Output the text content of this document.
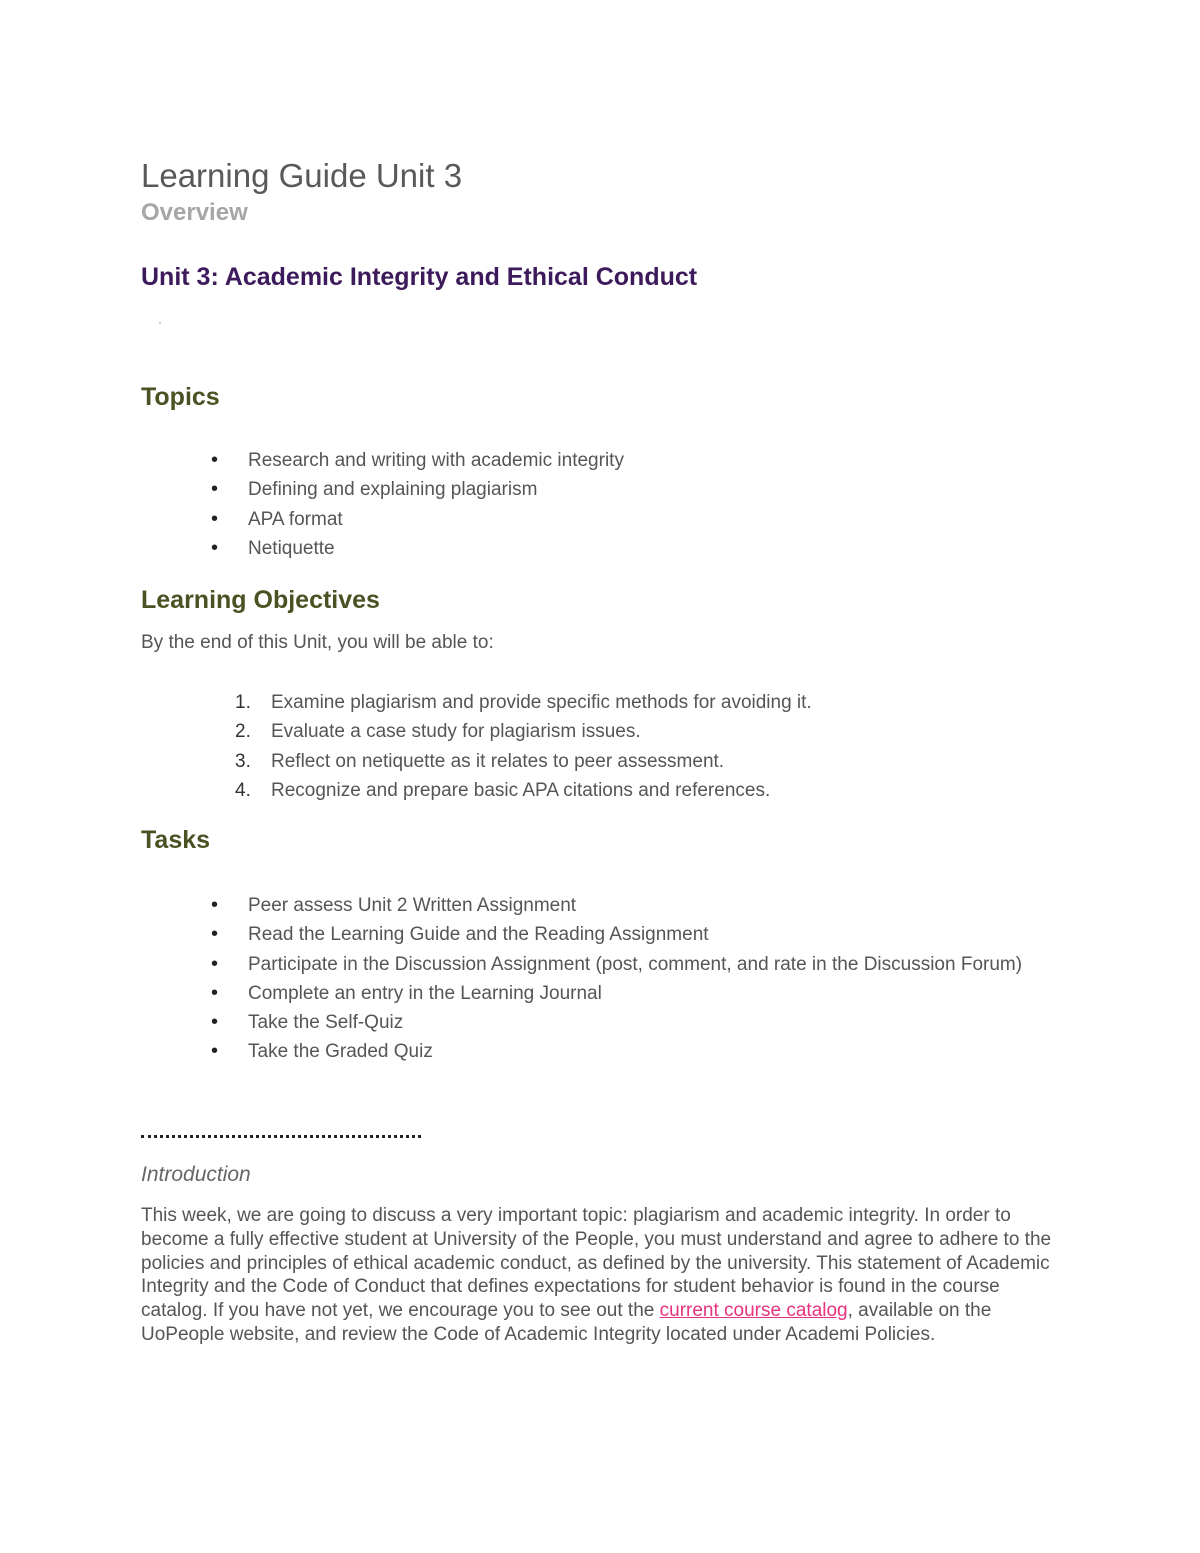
Learning Guide Unit 3
Overview
Unit 3: Academic Integrity and Ethical Conduct
Topics
• Research and writing with academic integrity
• Defining and explaining plagiarism
• APA format
• Netiquette
Learning Objectives

By the end of this Unit, you will be able to:

1. Examine plagiarism and provide specific methods for avoiding it.
2. Evaluate a case study for plagiarism issues.
3. Reflect on netiquette as it relates to peer assessment.
4. Recognize and prepare basic APA citations and references.
Tasks
• Peer assess Unit 2 Written Assignment
• Read the Learning Guide and the Reading Assignment
• Participate in the Discussion Assignment (post, comment, and rate in the Discussion Forum)
• Complete an entry in the Learning Journal
• Take the Self-Quiz
• Take the Graded Quiz
Introduction

This week, we are going to discuss a very important topic: plagiarism and academic integrity. In order to become a fully effective student at University of the People, you must understand and agree to adhere to the policies and principles of ethical academic conduct, as defined by the university. This statement of Academic Integrity and the Code of Conduct that defines expectations for student behavior is found in the course catalog. If you have not yet, we encourage you to see out the current course catalog, available on the UoPeople website, and review the Code of Academic Integrity located under Academi Policies.
